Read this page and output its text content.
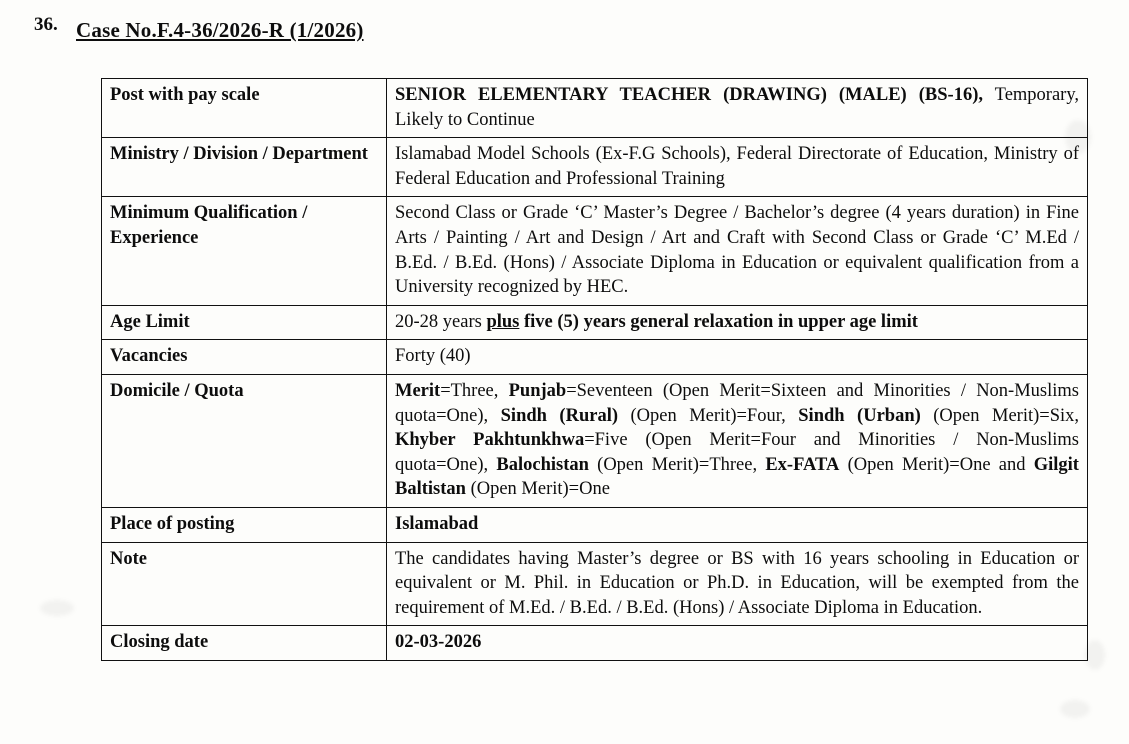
36. Case No.F.4-36/2026-R (1/2026)
Post with pay scale	SENIOR ELEMENTARY TEACHER (DRAWING) (MALE) (BS-16), Temporary, Likely to Continue
Ministry / Division / Department	Islamabad Model Schools (Ex-F.G Schools), Federal Directorate of Education, Ministry of Federal Education and Professional Training
Minimum Qualification / Experience	Second Class or Grade ‘C’ Master’s Degree / Bachelor’s degree (4 years duration) in Fine Arts / Painting / Art and Design / Art and Craft with Second Class or Grade ‘C’ M.Ed / B.Ed. / B.Ed. (Hons) / Associate Diploma in Education or equivalent qualification from a University recognized by HEC.
Age Limit	20-28 years plus five (5) years general relaxation in upper age limit
Vacancies	Forty (40)
Domicile / Quota	Merit=Three, Punjab=Seventeen (Open Merit=Sixteen and Minorities / Non-Muslims quota=One), Sindh (Rural) (Open Merit)=Four, Sindh (Urban) (Open Merit)=Six, Khyber Pakhtunkhwa=Five (Open Merit=Four and Minorities / Non-Muslims quota=One), Balochistan (Open Merit)=Three, Ex-FATA (Open Merit)=One and Gilgit Baltistan (Open Merit)=One
Place of posting	Islamabad
Note	The candidates having Master’s degree or BS with 16 years schooling in Education or equivalent or M. Phil. in Education or Ph.D. in Education, will be exempted from the requirement of M.Ed. / B.Ed. / B.Ed. (Hons) / Associate Diploma in Education.
Closing date	02-03-2026
